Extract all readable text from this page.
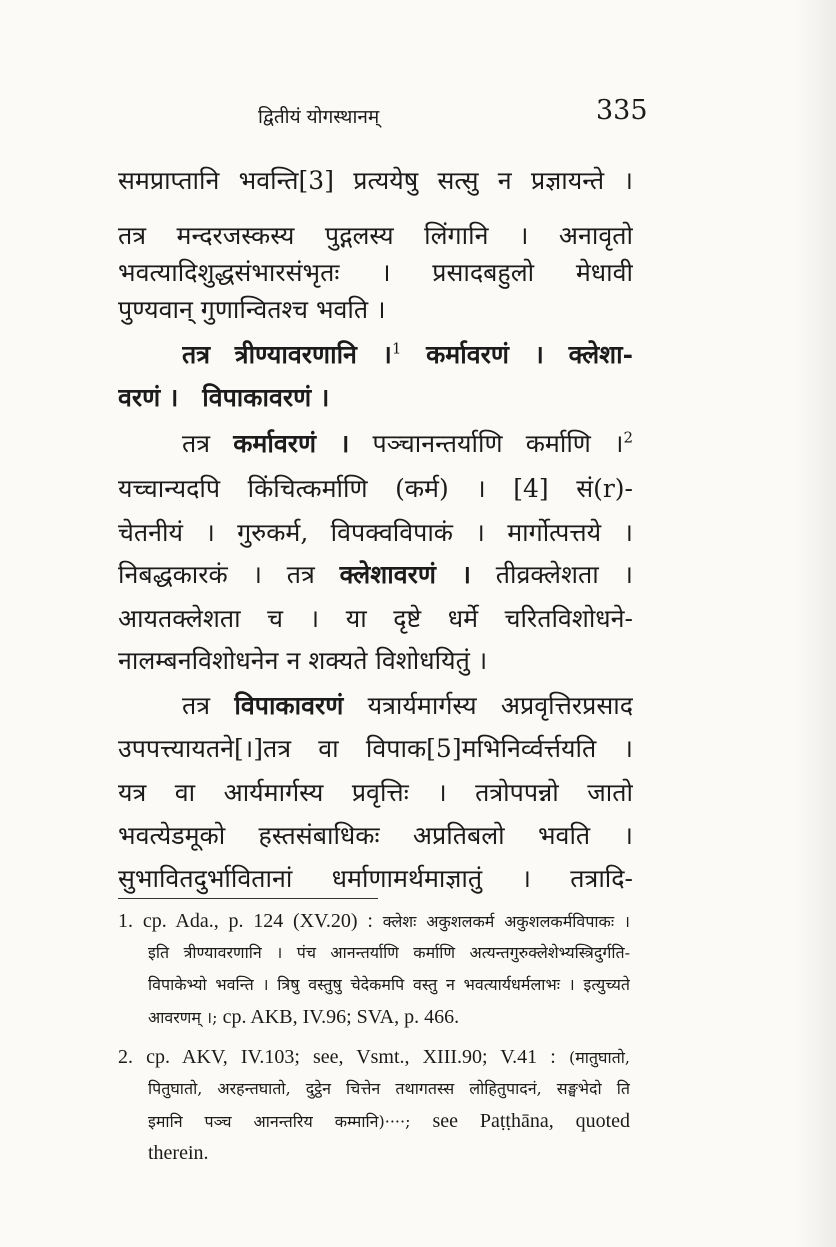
द्वितीयं योगस्थानम्	335
समप्राप्तानि भवन्ति[3] प्रत्ययेषु सत्सु न प्रज्ञायन्ते ।
तत्र मन्दरजस्कस्य पुद्गलस्य लिंगानि । अनावृतो
भवत्यादिशुद्धसंभारसंभृतः । प्रसादबहुलो मेधावी
पुण्यवान् गुणान्वितश्च भवति ।
तत्र त्रीण्यावरणानि ।$^1$ कर्मावरणं । क्लेशा-
वरणं । विपाकावरणं ।
तत्र कर्मावरणं । पञ्चानन्तर्याणि कर्माणि ।$^2$
यच्चान्यदपि किंचित्कर्माणि (कर्म) । [4] सं(r)-
चेतनीयं । गुरुकर्म, विपक्वविपाकं । मार्गोत्पत्तये ।
निबद्धकारकं । तत्र क्लेशावरणं । तीव्रक्लेशता ।
आयतक्लेशता च । या दृष्टे धर्मे चरितविशोधने-
नालम्बनविशोधनेन न शक्यते विशोधयितुं ।
तत्र विपाकावरणं यत्रार्यमार्गस्य अप्रवृत्तिरप्रसाद
उपपत्त्यायतने[।]तत्र वा विपाक[5]मभिनिर्व्वर्त्तयति ।
यत्र वा आर्यमार्गस्य प्रवृत्तिः । तत्रोपपन्नो जातो
भवत्येडमूको हस्तसंबाधिकः अप्रतिबलो भवति ।
सुभावितदुर्भावितानां धर्माणामर्थमाज्ञातुं । तत्रादि-
1. cp. Ada., p. 124 (XV.20) : क्लेशः अकुशलकर्म अकुशलकर्मविपाकः ।
इति त्रीण्यावरणानि । पंच आनन्तर्याणि कर्माणि अत्यन्तगुरुक्लेशेभ्यस्त्रिदुर्गति-
विपाकेभ्यो भवन्ति । त्रिषु वस्तुषु चेदेकमपि वस्तु न भवत्यार्यधर्मलाभः । इत्युच्यते
आवरणम् ।; cp. AKB, IV.96; SVA, p. 466.
2. cp. AKV, IV.103; see, Vsmt., XIII.90; V.41 : (मातुघातो,
पितुघातो, अरहन्तघातो, दुट्ठेन चित्तेन तथागतस्स लोहितुपादनं, सङ्घभेदो ति
इमानि पञ्च आनन्तरिय कम्मानि)····; see Paṭṭhāna, quoted
therein.
